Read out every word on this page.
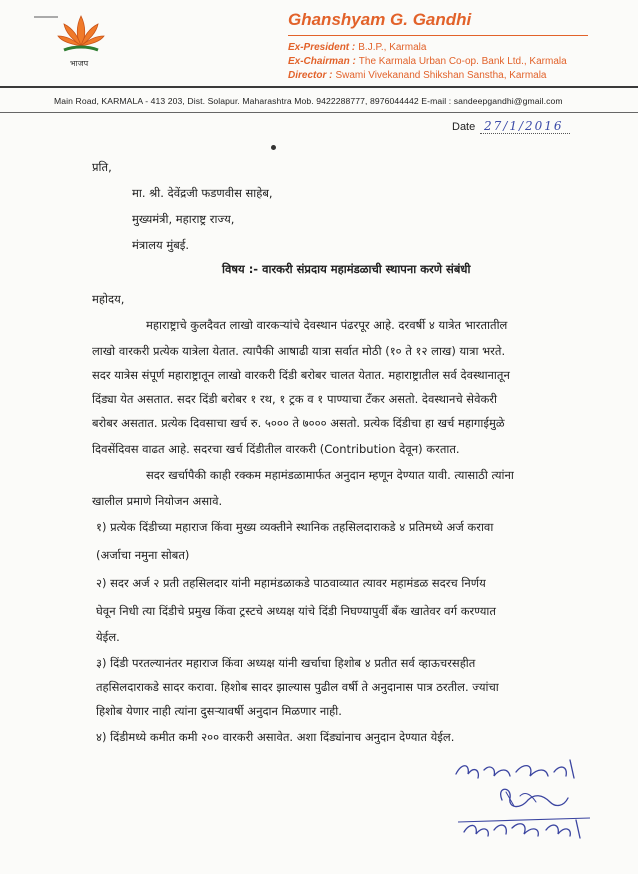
भाजप
Ghanshyam G. Gandhi
Ex-President : B.J.P., Karmala
Ex-Chairman : The Karmala Urban Co-op. Bank Ltd., Karmala
Director : Swami Vivekanand Shikshan Sanstha, Karmala
Main Road, KARMALA - 413 203, Dist. Solapur. Maharashtra Mob. 9422288777, 8976044442 E-mail : sandeepgandhi@gmail.com
Date 27/1/2016
प्रति,
मा. श्री. देवेंद्रजी फडणवीस साहेब,
मुख्यमंत्री, महाराष्ट्र राज्य,
मंत्रालय मुंबई.
विषय :- वारकरी संप्रदाय महामंडळाची स्थापना करणे संबंधी
महोदय,
महाराष्ट्राचे कुलदैवत लाखो वारकऱ्यांचे देवस्थान पंढरपूर आहे. दरवर्षी ४ यात्रेत भारतातील
लाखो वारकरी प्रत्येक यात्रेला येतात. त्यापैकी आषाढी यात्रा सर्वात मोठी (१० ते १२ लाख) यात्रा भरते.
सदर यात्रेस संपूर्ण महाराष्ट्रातून लाखो वारकरी दिंडी बरोबर चालत येतात. महाराष्ट्रातील सर्व देवस्थानातून
दिंड्या येत असतात. सदर दिंडी बरोबर १ रथ, १ ट्रक व १ पाण्याचा टँकर असतो. देवस्थानचे सेवेकरी
बरोबर असतात. प्रत्येक दिवसाचा खर्च रु. ५००० ते ७००० असतो. प्रत्येक दिंडीचा हा खर्च महागाईमुळे
दिवसेंदिवस वाढत आहे. सदरचा खर्च दिंडीतील वारकरी (Contribution देवून) करतात.
सदर खर्चापैकी काही रक्कम महामंडळामार्फत अनुदान म्हणून देण्यात यावी. त्यासाठी त्यांना
खालील प्रमाणे नियोजन असावे.
१) प्रत्येक दिंडीच्या महाराज किंवा मुख्य व्यक्तीने स्थानिक तहसिलदाराकडे ४ प्रतिमध्ये अर्ज करावा
(अर्जाचा नमुना सोबत)
२) सदर अर्ज २ प्रती तहसिलदार यांनी महामंडळाकडे पाठवाव्यात त्यावर महामंडळ सदरच निर्णय
घेवून निधी त्या दिंडीचे प्रमुख किंवा ट्रस्टचे अध्यक्ष यांचे दिंडी निघण्यापुर्वी बँक खातेवर वर्ग करण्यात
येईल.
३) दिंडी परतल्यानंतर महाराज किंवा अध्यक्ष यांनी खर्चाचा हिशोब ४ प्रतीत सर्व व्हाऊचरसहीत
तहसिलदाराकडे सादर करावा. हिशोब सादर झाल्यास पुढील वर्षी ते अनुदानास पात्र ठरतील. ज्यांचा
हिशोब येणार नाही त्यांना दुसऱ्यावर्षी अनुदान मिळणार नाही.
४) दिंडीमध्ये कमीत कमी २०० वारकरी असावेत. अशा दिंड्यांनाच अनुदान देण्यात येईल.
